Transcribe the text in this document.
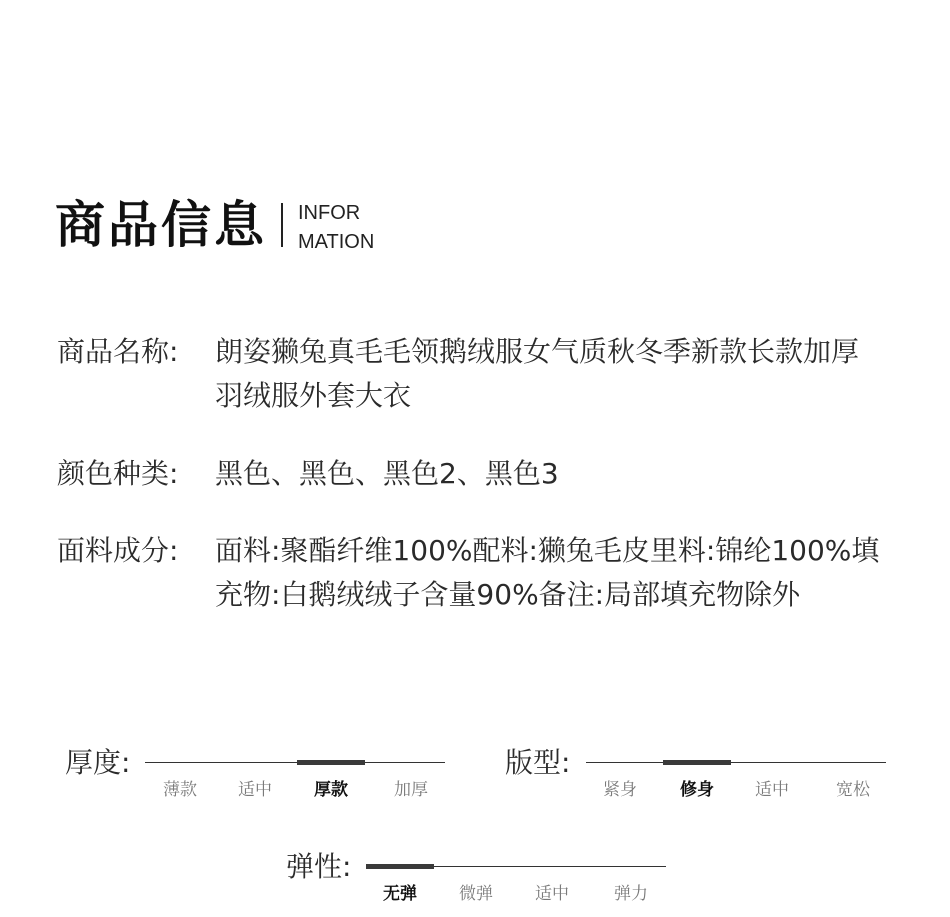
商品信息 INFOR
MATION
商品名称:	朗姿獭兔真毛毛领鹅绒服女气质秋冬季新款长款加厚羽绒服外套大衣
颜色种类:	黑色、黑色、黑色2、黑色3
面料成分:	面料:聚酯纤维100%配料:獭兔毛皮里料:锦纶100%填充物:白鹅绒绒子含量90%备注:局部填充物除外
厚度:
薄款	适中	厚款	加厚
版型:
紧身	修身	适中	宽松
弹性:
无弹	微弹	适中	弹力
